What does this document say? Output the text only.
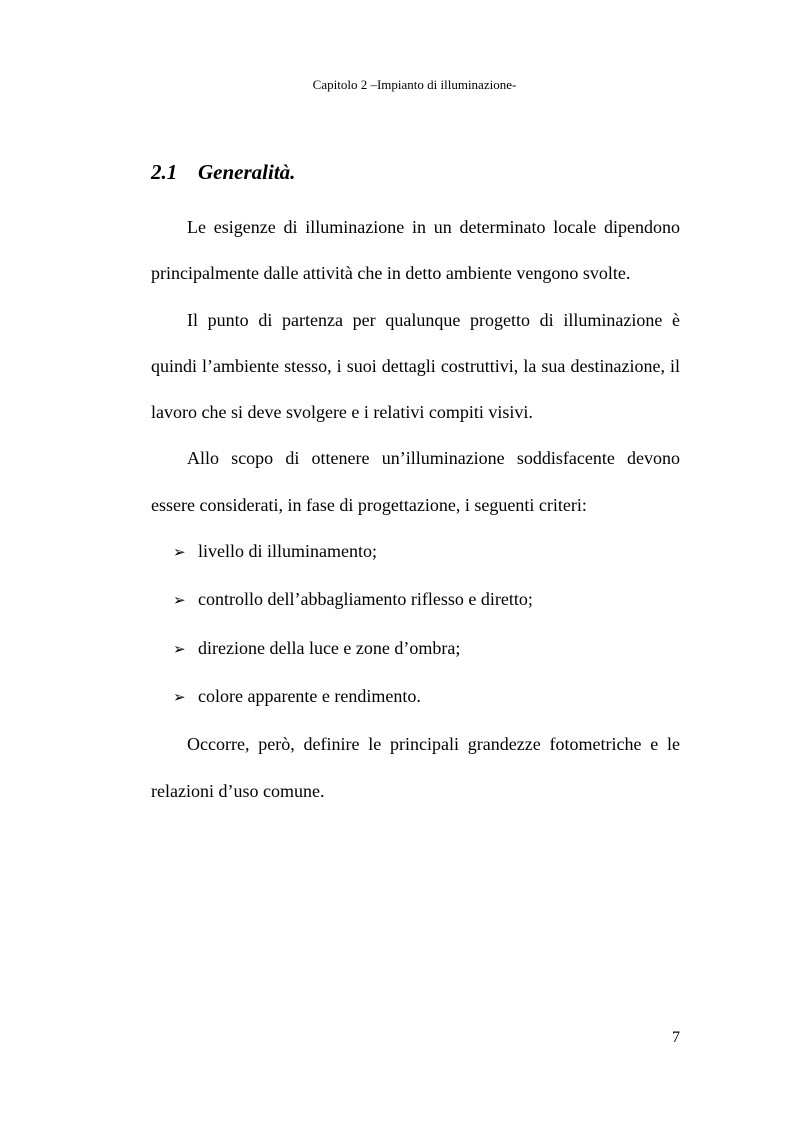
Capitolo 2 –Impianto di illuminazione-
2.1 Generalità.

Le esigenze di illuminazione in un determinato locale dipendono principalmente dalle attività che in detto ambiente vengono svolte.

Il punto di partenza per qualunque progetto di illuminazione è quindi l’ambiente stesso, i suoi dettagli costruttivi, la sua destinazione, il lavoro che si deve svolgere e i relativi compiti visivi.

Allo scopo di ottenere un’illuminazione soddisfacente devono essere considerati, in fase di progettazione, i seguenti criteri:

➢ livello di illuminamento;
➢ controllo dell’abbagliamento riflesso e diretto;
➢ direzione della luce e zone d’ombra;
➢ colore apparente e rendimento.

Occorre, però, definire le principali grandezze fotometriche e le relazioni d’uso comune.

7
